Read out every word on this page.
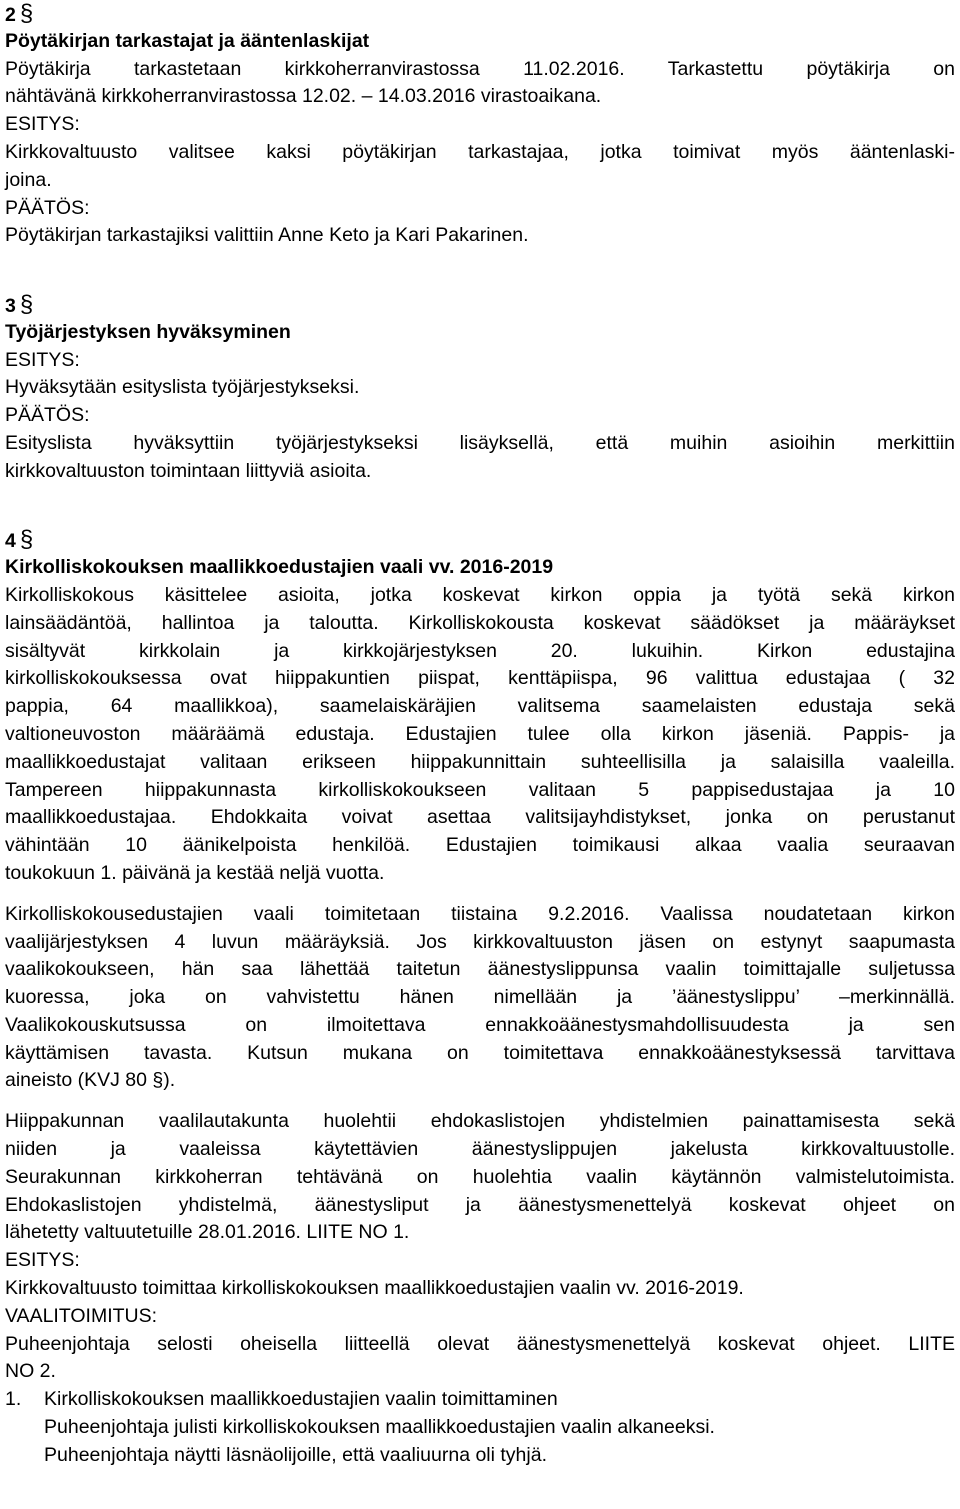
2 §
Pöytäkirjan tarkastajat ja ääntenlaskijat
Pöytäkirja tarkastetaan kirkkoherranvirastossa 11.02.2016. Tarkastettu pöytäkirja on
nähtävänä kirkkoherranvirastossa 12.02. – 14.03.2016 virastoaikana.
ESITYS:
Kirkkovaltuusto valitsee kaksi pöytäkirjan tarkastajaa, jotka toimivat myös ääntenlaski-
joina.
PÄÄTÖS:
Pöytäkirjan tarkastajiksi valittiin Anne Keto ja Kari Pakarinen.
3 §
Työjärjestyksen hyväksyminen
ESITYS:
Hyväksytään esityslista työjärjestykseksi.
PÄÄTÖS:
Esityslista hyväksyttiin työjärjestykseksi lisäyksellä, että muihin asioihin merkittiin
kirkkovaltuuston toimintaan liittyviä asioita.
4 §
Kirkolliskokouksen maallikkoedustajien vaali vv. 2016-2019
Kirkolliskokous käsittelee asioita, jotka koskevat kirkon oppia ja työtä sekä kirkon
lainsäädäntöä, hallintoa ja taloutta. Kirkolliskokousta koskevat säädökset ja määräykset
sisältyvät kirkkolain ja kirkkojärjestyksen 20. lukuihin. Kirkon edustajina
kirkolliskokouksessa ovat hiippakuntien piispat, kenttäpiispa, 96 valittua edustajaa ( 32
pappia, 64 maallikkoa), saamelaiskäräjien valitsema saamelaisten edustaja sekä
valtioneuvoston määräämä edustaja. Edustajien tulee olla kirkon jäseniä. Pappis- ja
maallikkoedustajat valitaan erikseen hiippakunnittain suhteellisilla ja salaisilla vaaleilla.
Tampereen hiippakunnasta kirkolliskokoukseen valitaan 5 pappisedustajaa ja 10
maallikkoedustajaa. Ehdokkaita voivat asettaa valitsijayhdistykset, jonka on perustanut
vähintään 10 äänikelpoista henkilöä. Edustajien toimikausi alkaa vaalia seuraavan
toukokuun 1. päivänä ja kestää neljä vuotta.
Kirkolliskokousedustajien vaali toimitetaan tiistaina 9.2.2016. Vaalissa noudatetaan kirkon
vaalijärjestyksen 4 luvun määräyksiä. Jos kirkkovaltuuston jäsen on estynyt saapumasta
vaalikokoukseen, hän saa lähettää taitetun äänestyslippunsa vaalin toimittajalle suljetussa
kuoressa, joka on vahvistettu hänen nimellään ja ’äänestyslippu’ –merkinnällä.
Vaalikokouskutsussa on ilmoitettava ennakkoäänestysmahdollisuudesta ja sen
käyttämisen tavasta. Kutsun mukana on toimitettava ennakkoäänestyksessä tarvittava
aineisto (KVJ 80 §).
Hiippakunnan vaalilautakunta huolehtii ehdokaslistojen yhdistelmien painattamisesta sekä
niiden ja vaaleissa käytettävien äänestyslippujen jakelusta kirkkovaltuustolle.
Seurakunnan kirkkoherran tehtävänä on huolehtia vaalin käytännön valmistelutoimista.
Ehdokaslistojen yhdistelmä, äänestysliput ja äänestysmenettelyä koskevat ohjeet on
lähetetty valtuutetuille 28.01.2016. LIITE NO 1.
ESITYS:
Kirkkovaltuusto toimittaa kirkolliskokouksen maallikkoedustajien vaalin vv. 2016-2019.
VAALITOIMITUS:
Puheenjohtaja selosti oheisella liitteellä olevat äänestysmenettelyä koskevat ohjeet. LIITE
NO 2.
1. Kirkolliskokouksen maallikkoedustajien vaalin toimittaminen
Puheenjohtaja julisti kirkolliskokouksen maallikkoedustajien vaalin alkaneeksi.
Puheenjohtaja näytti läsnäolijoille, että vaaliuurna oli tyhjä.
